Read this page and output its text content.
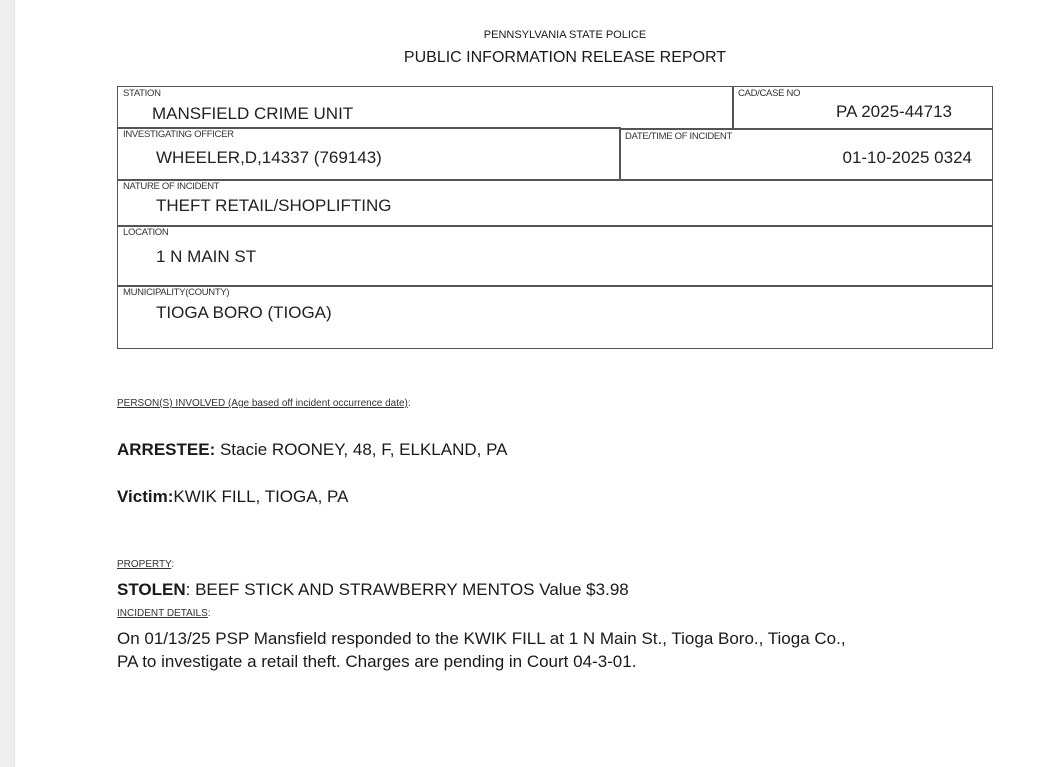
PENNSYLVANIA STATE POLICE
PUBLIC INFORMATION RELEASE REPORT
STATION
MANSFIELD CRIME UNIT
CAD/CASE NO
PA 2025-44713
INVESTIGATING OFFICER
WHEELER,D,14337 (769143)
DATE/TIME OF INCIDENT
01-10-2025 0324
NATURE OF INCIDENT
THEFT RETAIL/SHOPLIFTING
LOCATION
1 N MAIN ST
MUNICIPALITY(COUNTY)
TIOGA BORO (TIOGA)
PERSON(S) INVOLVED (Age based off incident occurrence date):
ARRESTEE: Stacie ROONEY, 48, F, ELKLAND, PA
Victim:KWIK FILL, TIOGA, PA
PROPERTY:
STOLEN: BEEF STICK AND STRAWBERRY MENTOS Value $3.98
INCIDENT DETAILS:
On 01/13/25 PSP Mansfield responded to the KWIK FILL at 1 N Main St., Tioga Boro., Tioga Co.,
PA to investigate a retail theft. Charges are pending in Court 04-3-01.
